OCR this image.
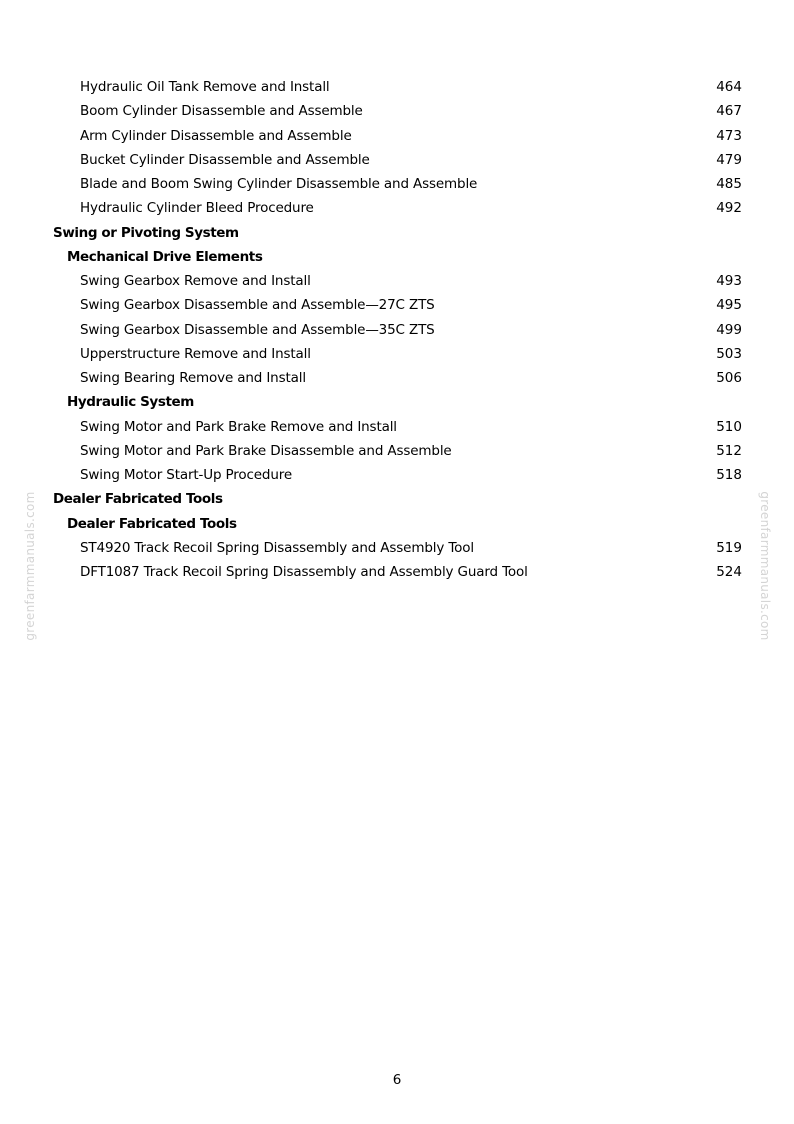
greenfarmmanuals.com	greenfarmmanuals.com
Hydraulic Oil Tank Remove and Install	464
Boom Cylinder Disassemble and Assemble	467
Arm Cylinder Disassemble and Assemble	473
Bucket Cylinder Disassemble and Assemble	479
Blade and Boom Swing Cylinder Disassemble and Assemble	485
Hydraulic Cylinder Bleed Procedure	492
Swing or Pivoting System
Mechanical Drive Elements
Swing Gearbox Remove and Install	493
Swing Gearbox Disassemble and Assemble—27C ZTS	495
Swing Gearbox Disassemble and Assemble—35C ZTS	499
Upperstructure Remove and Install	503
Swing Bearing Remove and Install	506
Hydraulic System
Swing Motor and Park Brake Remove and Install	510
Swing Motor and Park Brake Disassemble and Assemble	512
Swing Motor Start-Up Procedure	518
Dealer Fabricated Tools
Dealer Fabricated Tools
ST4920 Track Recoil Spring Disassembly and Assembly Tool	519
DFT1087 Track Recoil Spring Disassembly and Assembly Guard Tool	524
6
